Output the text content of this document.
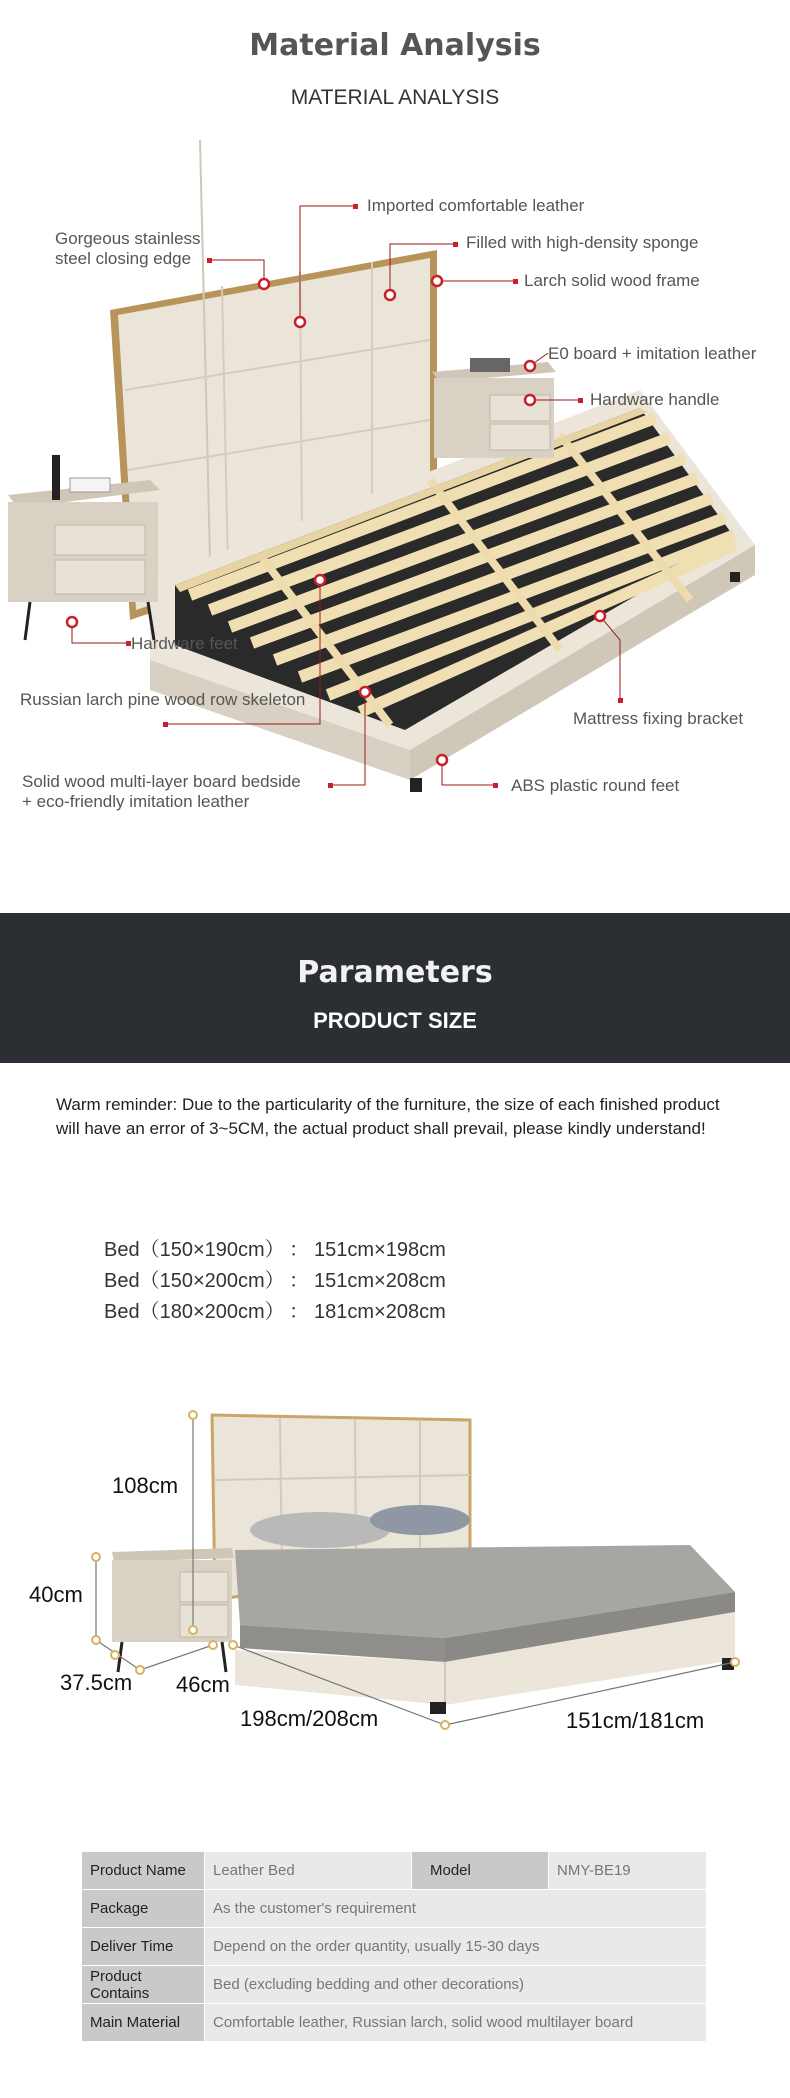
Material Analysis
MATERIAL ANALYSIS
Imported comfortable leather
Gorgeous stainless
steel closing edge
Filled with high-density sponge
Larch solid wood frame
E0 board + imitation leather
Hardware handle
Hardware feet
Russian larch pine wood row skeleton
Mattress fixing bracket
Solid wood multi-layer board bedside
+ eco-friendly imitation leather
ABS plastic round feet
Parameters
PRODUCT SIZE
Warm reminder: Due to the particularity of the furniture, the size of each finished product will have an error of 3~5CM, the actual product shall prevail, please kindly understand!
Bed（150×190cm） ： 151cm×198cm
Bed（150×200cm） ： 151cm×208cm
Bed（180×200cm） ： 181cm×208cm
108cm
40cm
37.5cm 46cm
198cm/208cm	151cm/181cm
Product Name	Leather Bed	Model	NMY-BE19
Package	As the customer's requirement		
Deliver Time	Depend on the order quantity, usually 15-30 days		
Product Contains	Bed (excluding bedding and other decorations)		
Main Material	Comfortable leather, Russian larch, solid wood multilayer board		
